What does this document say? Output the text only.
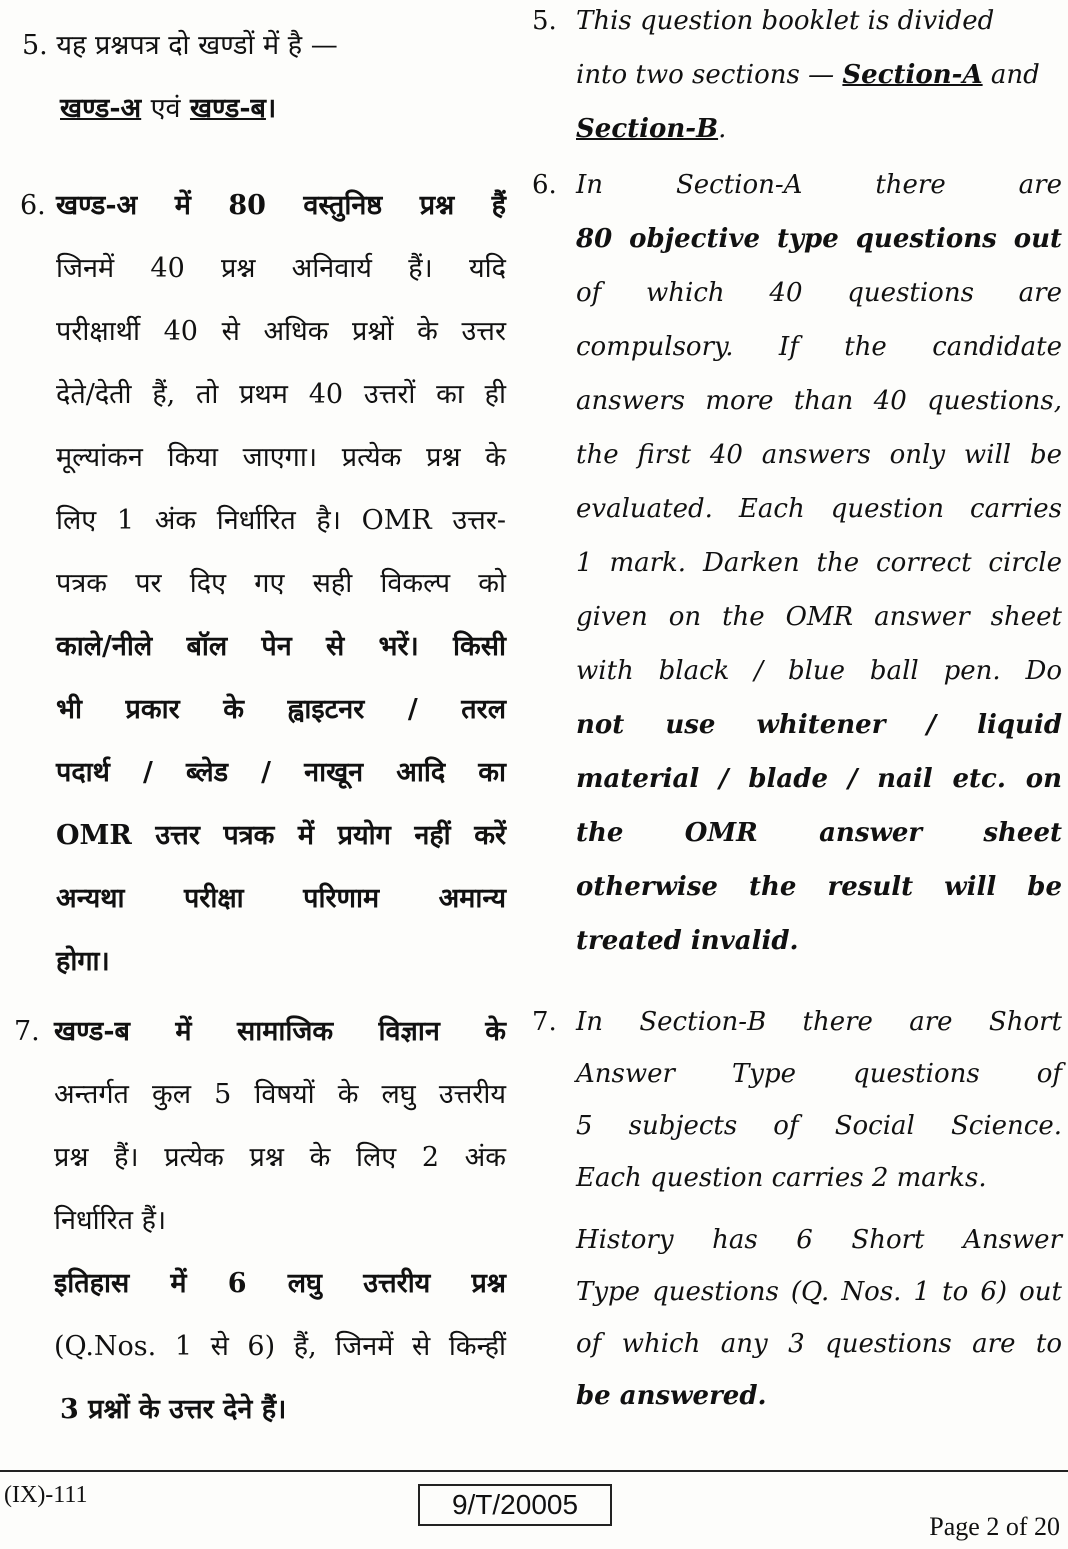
5. यह प्रश्नपत्र दो खण्डों में है —
खण्ड-अ एवं खण्ड-ब।
6. खण्ड-अ में 80 वस्तुनिष्ठ प्रश्न हैं
जिनमें 40 प्रश्न अनिवार्य हैं। यदि
परीक्षार्थी 40 से अधिक प्रश्नों के उत्तर
देते/देती हैं, तो प्रथम 40 उत्तरों का ही
मूल्यांकन किया जाएगा। प्रत्येक प्रश्न के
लिए 1 अंक निर्धारित है। OMR उत्तर-
पत्रक पर दिए गए सही विकल्प को
काले/नीले बॉल पेन से भरें। किसी
भी प्रकार के ह्वाइटनर / तरल
पदार्थ / ब्लेड / नाखून आदि का
OMR उत्तर पत्रक में प्रयोग नहीं करें
अन्यथा परीक्षा परिणाम अमान्य
होगा।
7. खण्ड-ब में सामाजिक विज्ञान के
अन्तर्गत कुल 5 विषयों के लघु उत्तरीय
प्रश्न हैं। प्रत्येक प्रश्न के लिए 2 अंक
निर्धारित हैं।
इतिहास में 6 लघु उत्तरीय प्रश्न
(Q.Nos. 1 से 6) हैं, जिनमें से किन्हीं
3 प्रश्नों के उत्तर देने हैं।
5. This question booklet is divided
into two sections — Section-A and
Section-B.
6. In Section-A there are
80 objective type questions out
of which 40 questions are
compulsory. If the candidate
answers more than 40 questions,
the first 40 answers only will be
evaluated. Each question carries
1 mark. Darken the correct circle
given on the OMR answer sheet
with black / blue ball pen. Do
not use whitener / liquid
material / blade / nail etc. on
the OMR answer sheet
otherwise the result will be
treated invalid.
7. In Section-B there are Short
Answer Type questions of
5 subjects of Social Science.
Each question carries 2 marks.
History has 6 Short Answer
Type questions (Q. Nos. 1 to 6) out
of which any 3 questions are to
be answered.
(IX)-111	9/T/20005
Page 2 of 20
